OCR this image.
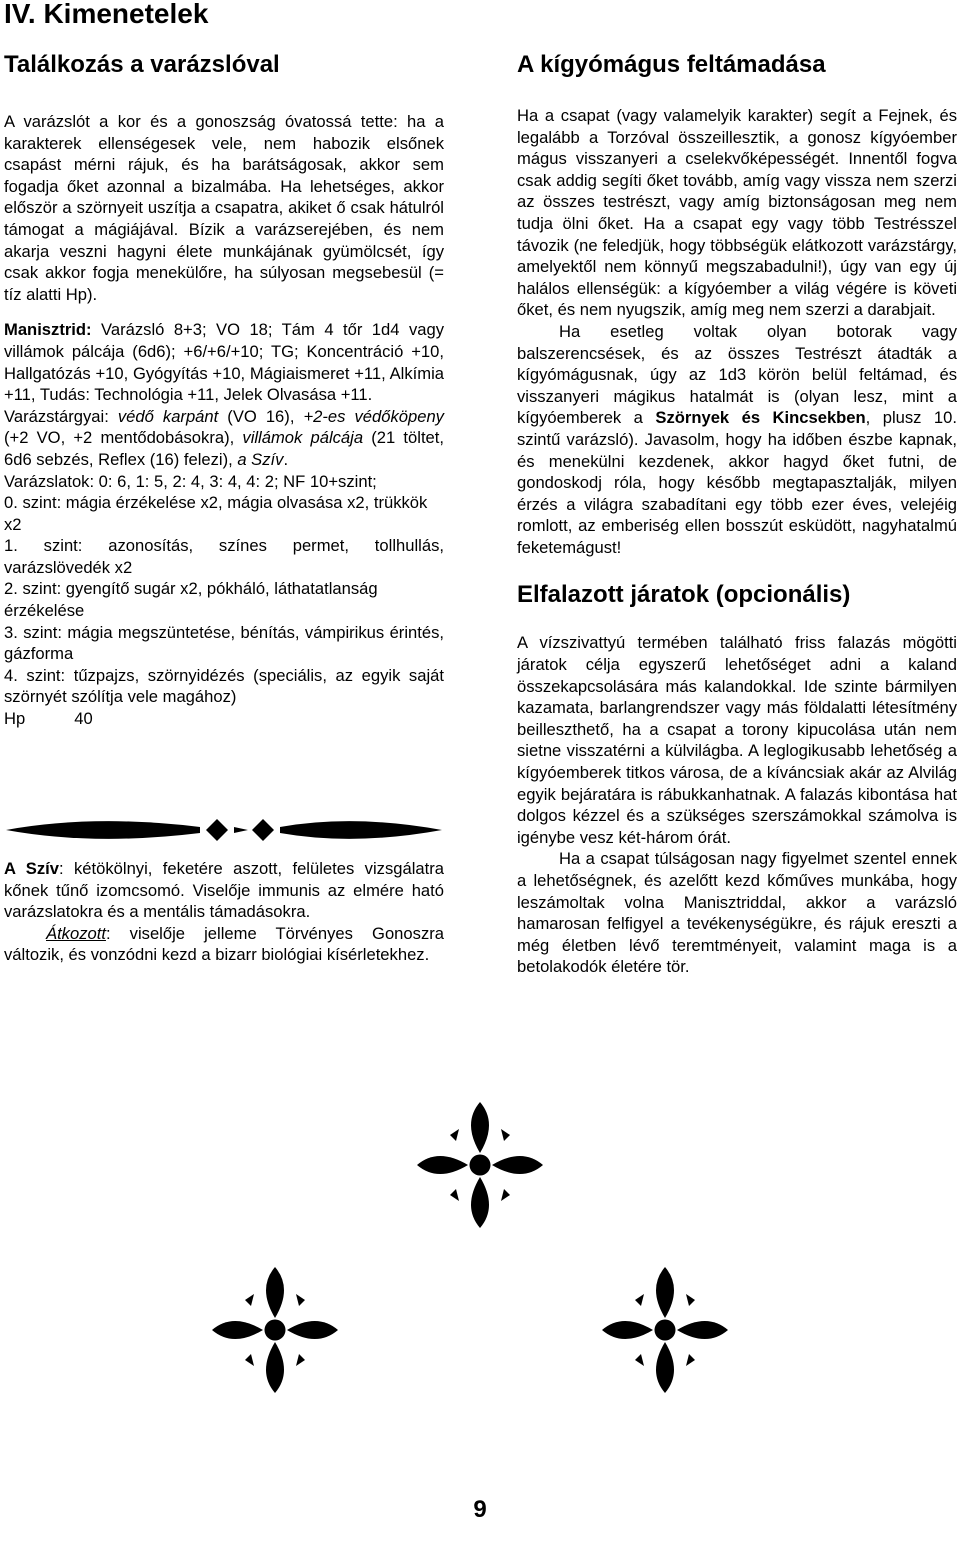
IV. Kimenetelek
Találkozás a varázslóval

A varázslót a kor és a gonoszság óvatossá tette: ha a karakterek ellenségesek vele, nem habozik elsőnek csapást mérni rájuk, és ha barátságosak, akkor sem fogadja őket azonnal a bizalmába. Ha lehetséges, akkor először a szörnyeit uszítja a csapatra, akiket ő csak hátulról támogat a mágiájával. Bízik a varázserejében, és nem akarja veszni hagyni élete munkájának gyümölcsét, így csak akkor fogja menekülőre, ha súlyosan megsebesül (= tíz alatti Hp).

Manisztrid: Varázsló 8+3; VO 18; Tám 4 tőr 1d4 vagy villámok pálcája (6d6); +6/+6/+10; TG; Koncentráció +10, Hallgatózás +10, Gyógyítás +10, Mágiaismeret +11, Alkímia +11, Tudás: Technológia +11, Jelek Olvasása +11.

Varázstárgyai: védő karpánt (VO 16), +2-es védőköpeny (+2 VO, +2 mentődobásokra), villámok pálcája (21 töltet, 6d6 sebzés, Reflex (16) felezi), a Szív.

Varázslatok: 0: 6, 1: 5, 2: 4, 3: 4, 4: 2; NF 10+szint;

0. szint: mágia érzékelése x2, mágia olvasása x2, trükkök x2

1. szint: azonosítás, színes permet, tollhullás, varázslövedék x2

2. szint: gyengítő sugár x2, pókháló, láthatatlanság érzékelése

3. szint: mágia megszüntetése, bénítás, vámpirikus érintés, gázforma

4. szint: tűzpajzs, szörnyidézés (speciális, az egyik saját szörnyét szólítja vele magához)

Hp	40

A Szív: kétökölnyi, feketére aszott, felületes vizsgálatra kőnek tűnő izomcsomó. Viselője immunis az elmére ható varázslatokra és a mentális támadásokra.

Átkozott: viselője jelleme Törvényes Gonoszra változik, és vonzódni kezd a bizarr biológiai kísérletekhez.

A kígyómágus feltámadása

Ha a csapat (vagy valamelyik karakter) segít a Fejnek, és legalább a Torzóval összeillesztik, a gonosz kígyóember mágus visszanyeri a cselekvőképességét. Innentől fogva csak addig segíti őket tovább, amíg vagy vissza nem szerzi az összes testrészt, vagy amíg biztonságosan meg nem tudja ölni őket. Ha a csapat egy vagy több Testrésszel távozik (ne feledjük, hogy többségük elátkozott varázstárgy, amelyektől nem könnyű megszabadulni!), úgy van egy új halálos ellenségük: a kígyóember a világ végére is követi őket, és nem nyugszik, amíg meg nem szerzi a darabjait.

Ha esetleg voltak olyan botorak vagy balszerencsések, és az összes Testrészt átadták a kígyómágusnak, úgy az 1d3 körön belül feltámad, és visszanyeri mágikus hatalmát is (olyan lesz, mint a kígyóemberek a Szörnyek és Kincsekben, plusz 10. szintű varázsló). Javasolm, hogy ha időben észbe kapnak, és menekülni kezdenek, akkor hagyd őket futni, de gondoskodj róla, hogy később megtapasztalják, milyen érzés a világra szabadítani egy több ezer éves, velejéig romlott, az emberiség ellen bosszút esküdött, nagyhatalmú feketemágust!

Elfalazott járatok (opcionális)

A vízszivattyú termében található friss falazás mögötti járatok célja egyszerű lehetőséget adni a kaland összekapcsolására más kalandokkal. Ide szinte bármilyen kazamata, barlangrendszer vagy más földalatti létesítmény beilleszthető, ha a csapat a torony kipucolása után nem sietne visszatérni a külvilágba. A leglogikusabb lehetőség a kígyóemberek titkos városa, de a kíváncsiak akár az Alvilág egyik bejáratára is rábukkanhatnak. A falazás kibontása hat dolgos kézzel és a szükséges szerszámokkal számolva is igénybe vesz két-három órát.

Ha a csapat túlságosan nagy figyelmet szentel ennek a lehetőségnek, és azelőtt kezd kőműves munkába, hogy leszámoltak volna Manisztriddal, akkor a varázsló hamarosan felfigyel a tevékenységükre, és rájuk ereszti a még életben lévő teremtményeit, valamint maga is a betolakodók életére tör.

9
